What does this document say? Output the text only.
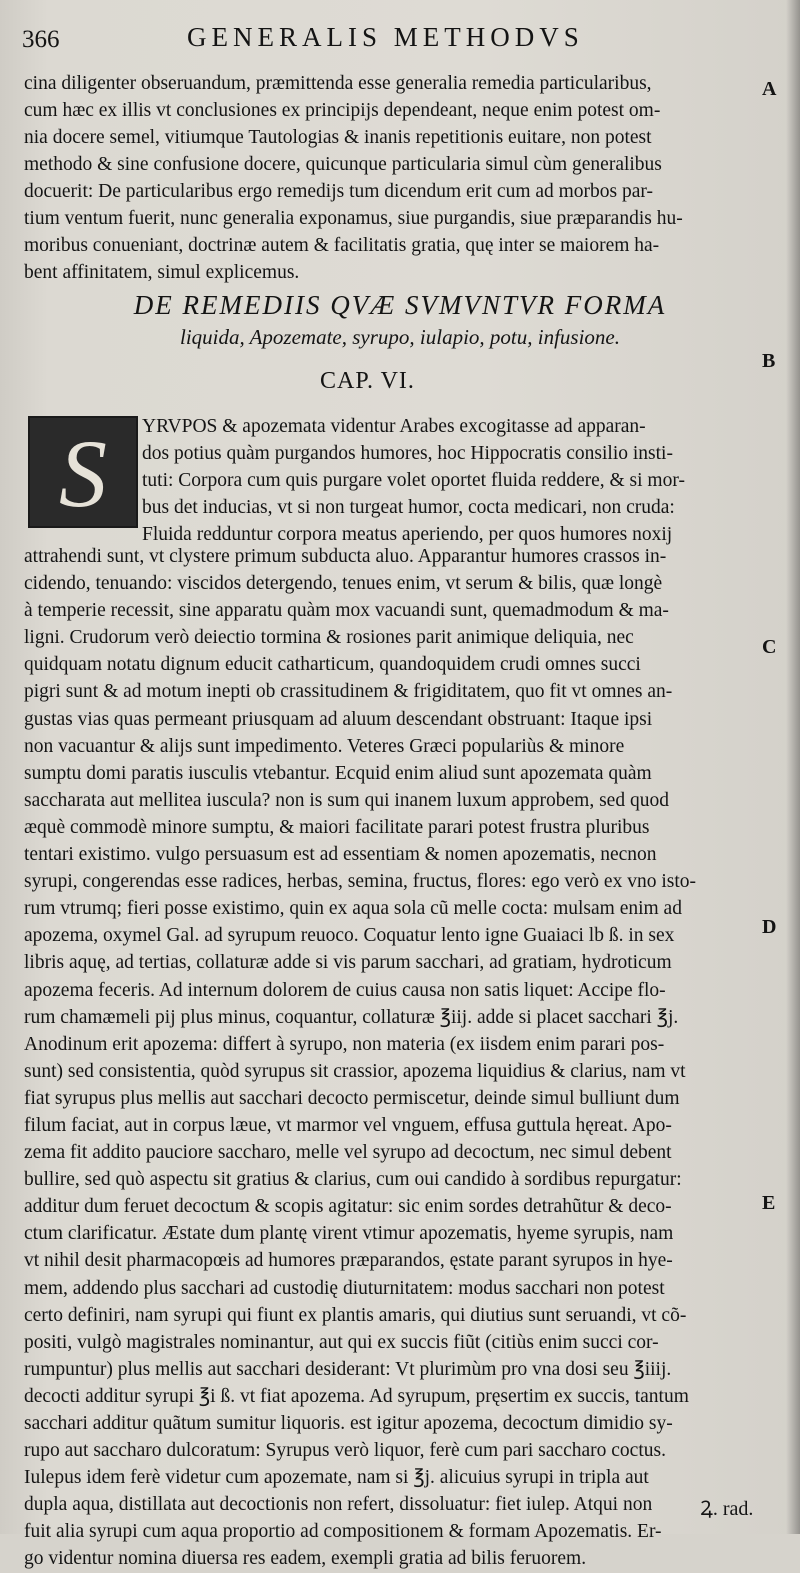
366	GENERALIS METHODVS
cina diligenter obseruandum, præmittenda esse generalia remedia particularibus,
cum hæc ex illis vt conclusiones ex principijs dependeant, neque enim potest om-
nia docere semel, vitiumque Tautologias & inanis repetitionis euitare, non potest
methodo & sine confusione docere, quicunque particularia simul cùm generalibus
docuerit: De particularibus ergo remedijs tum dicendum erit cum ad morbos par-
tium ventum fuerit, nunc generalia exponamus, siue purgandis, siue præparandis hu-
moribus conueniant, doctrinæ autem & facilitatis gratia, quę inter se maiorem ha-
bent affinitatem, simul explicemus.
DE REMEDIIS QVÆ SVMVNTVR FORMA
liquida, Apozemate, syrupo, iulapio, potu, infusione.
CAP. VI.
S	YRVPOS & apozemata videntur Arabes excogitasse ad apparan-
dos potius quàm purgandos humores, hoc Hippocratis consilio insti-
tuti: Corpora cum quis purgare volet oportet fluida reddere, & si mor-
bus det inducias, vt si non turgeat humor, cocta medicari, non cruda:
Fluida redduntur corpora meatus aperiendo, per quos humores noxij
attrahendi sunt, vt clystere primum subducta aluo. Apparantur humores crassos in-
cidendo, tenuando: viscidos detergendo, tenues enim, vt serum & bilis, quæ longè
à temperie recessit, sine apparatu quàm mox vacuandi sunt, quemadmodum & ma-
ligni. Crudorum verò deiectio tormina & rosiones parit animique deliquia, nec
quidquam notatu dignum educit catharticum, quandoquidem crudi omnes succi
pigri sunt & ad motum inepti ob crassitudinem & frigiditatem, quo fit vt omnes an-
gustas vias quas permeant priusquam ad aluum descendant obstruant: Itaque ipsi
non vacuantur & alijs sunt impedimento. Veteres Græci populariùs & minore
sumptu domi paratis iusculis vtebantur. Ecquid enim aliud sunt apozemata quàm
saccharata aut mellitea iuscula? non is sum qui inanem luxum approbem, sed quod
æquè commodè minore sumptu, & maiori facilitate parari potest frustra pluribus
tentari existimo. vulgo persuasum est ad essentiam & nomen apozematis, necnon
syrupi, congerendas esse radices, herbas, semina, fructus, flores: ego verò ex vno isto-
rum vtrumq; fieri posse existimo, quin ex aqua sola cũ melle cocta: mulsam enim ad
apozema, oxymel Gal. ad syrupum reuoco. Coquatur lento igne Guaiaci lb ß. in sex
libris aquę, ad tertias, collaturæ adde si vis parum sacchari, ad gratiam, hydroticum
apozema feceris. Ad internum dolorem de cuius causa non satis liquet: Accipe flo-
rum chamæmeli pij plus minus, coquantur, collaturæ ℥iij. adde si placet sacchari ℥j.
Anodinum erit apozema: differt à syrupo, non materia (ex iisdem enim parari pos-
sunt) sed consistentia, quòd syrupus sit crassior, apozema liquidius & clarius, nam vt
fiat syrupus plus mellis aut sacchari decocto permiscetur, deinde simul bulliunt dum
filum faciat, aut in corpus læue, vt marmor vel vnguem, effusa guttula hęreat. Apo-
zema fit addito pauciore saccharo, melle vel syrupo ad decoctum, nec simul debent
bullire, sed quò aspectu sit gratius & clarius, cum oui candido à sordibus repurgatur:
additur dum feruet decoctum & scopis agitatur: sic enim sordes detrahũtur & deco-
ctum clarificatur. Æstate dum plantę virent vtimur apozematis, hyeme syrupis, nam
vt nihil desit pharmacopœis ad humores præparandos, ęstate parant syrupos in hye-
mem, addendo plus sacchari ad custodię diuturnitatem: modus sacchari non potest
certo definiri, nam syrupi qui fiunt ex plantis amaris, qui diutius sunt seruandi, vt cõ-
positi, vulgò magistrales nominantur, aut qui ex succis fiũt (citiùs enim succi cor-
rumpuntur) plus mellis aut sacchari desiderant: Vt plurimùm pro vna dosi seu ℥iiij.
decocti additur syrupi ℥i ß. vt fiat apozema. Ad syrupum, pręsertim ex succis, tantum
sacchari additur quãtum sumitur liquoris. est igitur apozema, decoctum dimidio sy-
rupo aut saccharo dulcoratum: Syrupus verò liquor, ferè cum pari saccharo coctus.
Iulepus idem ferè videtur cum apozemate, nam si ℥j. alicuius syrupi in tripla aut
dupla aqua, distillata aut decoctionis non refert, dissoluatur: fiet iulep. Atqui non
fuit alia syrupi cum aqua proportio ad compositionem & formam Apozematis. Er-
go videntur nomina diuersa res eadem, exempli gratia ad bilis feruorem.
A
B
C
D
E
Ꝝ. rad.
